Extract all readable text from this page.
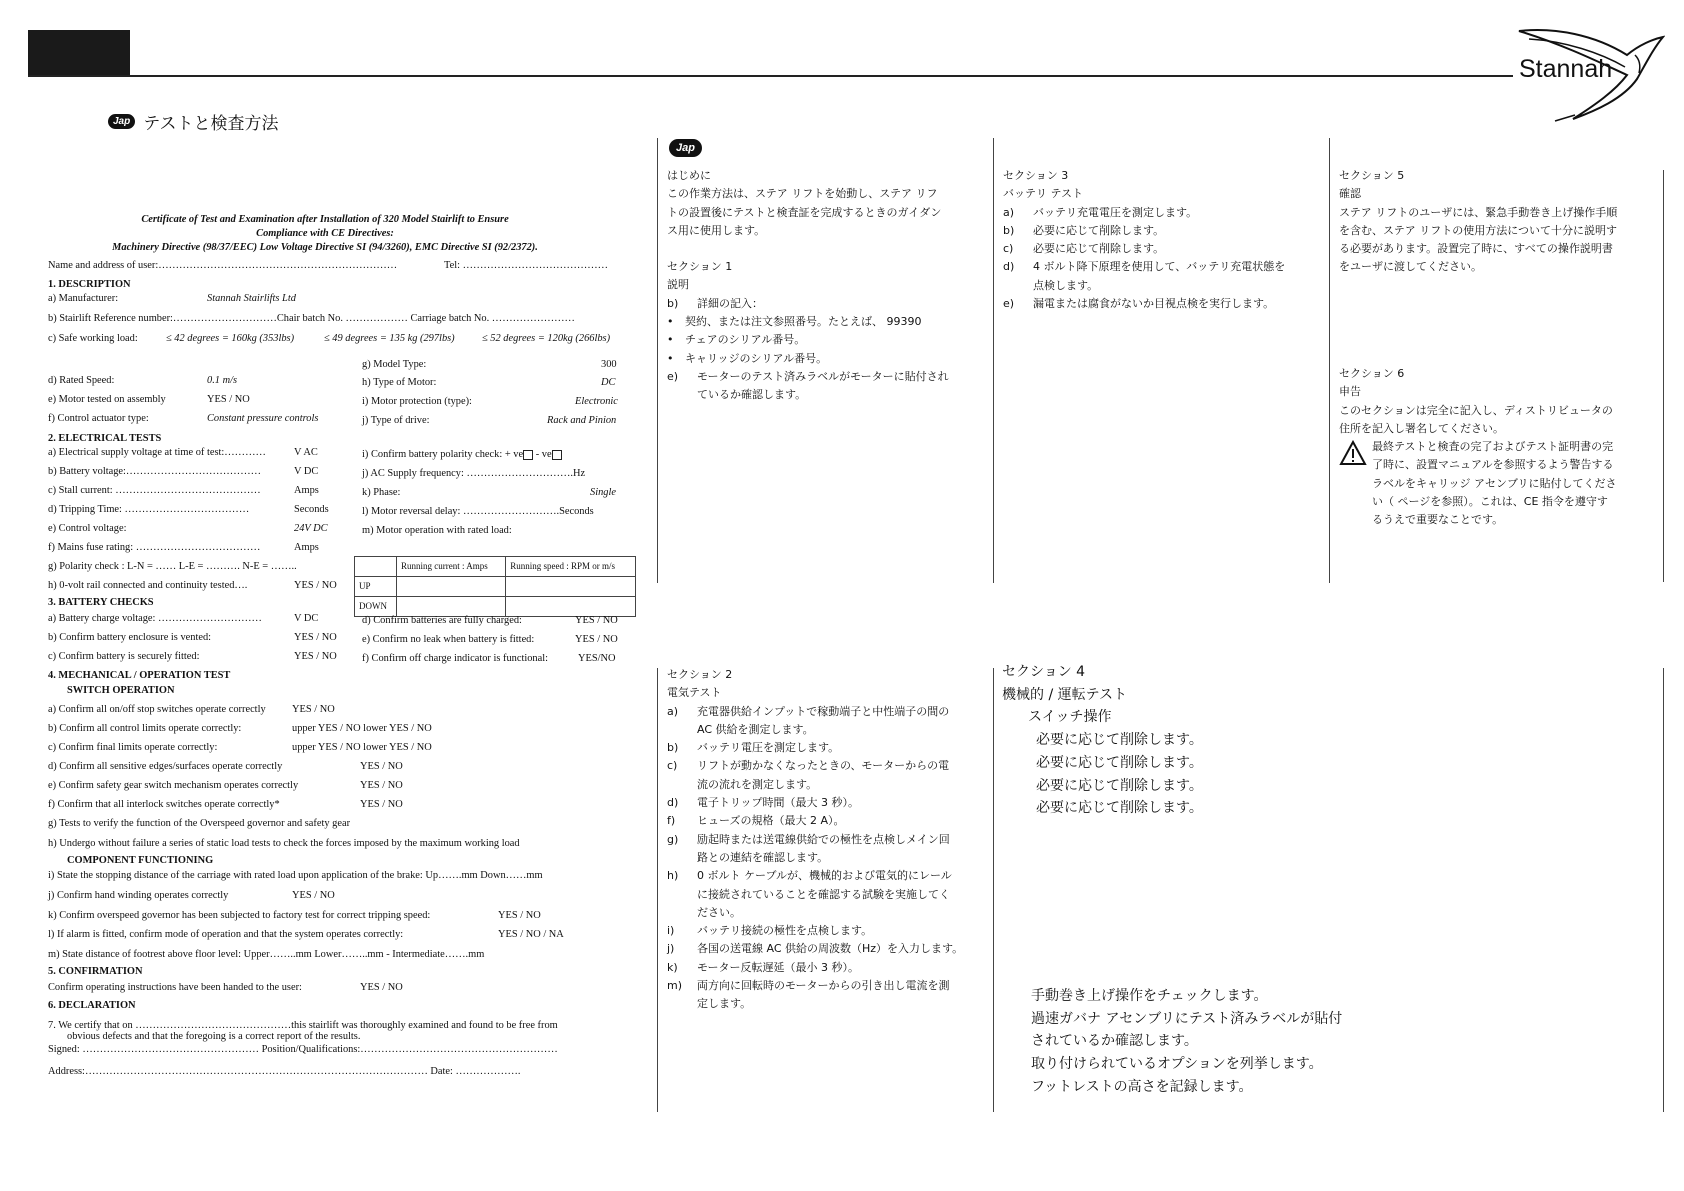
Stannah
Jap テストと検査方法
Certificate of Test and Examination after Installation of 320 Model Stairlift to Ensure
Compliance with CE Directives:
Machinery Directive (98/37/EEC) Low Voltage Directive SI (94/3260), EMC Directive SI (92/2372).
Name and address of user:……………………………………………………………	Tel: ……………………………………
1. DESCRIPTION
a) Manufacturer:	Stannah Stairlifts Ltd
b) Stairlift Reference number:…………………………Chair batch No. ……………… Carriage batch No. ……………………
c) Safe working load:	≤ 42 degrees = 160kg (353lbs)	≤ 49 degrees = 135 kg (297lbs)	≤ 52 degrees = 120kg (266lbs)
g) Model Type:	300
d) Rated Speed:	0.1 m/s	h) Type of Motor:	DC
e) Motor tested on assembly	YES / NO	i) Motor protection (type):	Electronic
f) Control actuator type:	Constant pressure controls	j) Type of drive:	Rack and Pinion
2. ELECTRICAL TESTS
a) Electrical supply voltage at time of test:…………	V AC	i) Confirm battery polarity check: + ve - ve
b) Battery voltage:…………………………………	V DC	j) AC Supply frequency: ………………………….Hz
c) Stall current: ……………………………………	Amps	k) Phase:	Single
d) Tripping Time: ………………………………	Seconds	l) Motor reversal delay: ……………………….Seconds
e) Control voltage:	24V DC	m) Motor operation with rated load:
f) Mains fuse rating: ………………………………	Amps
g) Polarity check : L-N = …… L-E = ………. N-E = ……..
h) 0-volt rail connected and continuity tested….	YES / NO
	Running current : Amps	Running speed : RPM or m/s
UP		
DOWN		
3. BATTERY CHECKS
a) Battery charge voltage: …………………………	V DC	d) Confirm batteries are fully charged:	YES / NO
b) Confirm battery enclosure is vented:	YES / NO e) Confirm no leak when battery is fitted:	YES / NO
c) Confirm battery is securely fitted:	YES / NO f) Confirm off charge indicator is functional:	YES/NO
4. MECHANICAL / OPERATION TEST
SWITCH OPERATION
a) Confirm all on/off stop switches operate correctly	YES / NO
b) Confirm all control limits operate correctly:	upper YES / NO lower YES / NO
c) Confirm final limits operate correctly:	upper YES / NO lower YES / NO
d) Confirm all sensitive edges/surfaces operate correctly	YES / NO
e) Confirm safety gear switch mechanism operates correctly	YES / NO
f) Confirm that all interlock switches operate correctly*	YES / NO
g) Tests to verify the function of the Overspeed governor and safety gear
h) Undergo without failure a series of static load tests to check the forces imposed by the maximum working load
COMPONENT FUNCTIONING
i) State the stopping distance of the carriage with rated load upon application of the brake: Up…….mm Down……mm
j) Confirm hand winding operates correctly	YES / NO
k) Confirm overspeed governor has been subjected to factory test for correct tripping speed:	YES / NO
l) If alarm is fitted, confirm mode of operation and that the system operates correctly:	YES / NO / NA
m) State distance of footrest above floor level: Upper……..mm Lower……..mm - Intermediate…….mm
5. CONFIRMATION
Confirm operating instructions have been handed to the user:	YES / NO
6. DECLARATION
7. We certify that on ………………………………………this stairlift was thoroughly examined and found to be free from
obvious defects and that the foregoing is a correct report of the results.
Signed: …………………………………………… Position/Qualifications:…………………………………………………
Address:……………………………………………………………………………………… Date: ……………….
Jap
はじめに
この作業方法は、ステア リフトを始動し、ステア リフ
トの設置後にテストと検査証を完成するときのガイダン
ス用に使用します。
セクション 1
説明
b)	詳細の記入：
•	契約、または注文参照番号。たとえば、 99390
•	チェアのシリアル番号。
•	キャリッジのシリアル番号。
e)	モーターのテスト済みラベルがモーターに貼付され
ているか確認します。
セクション 2
電気テスト
a)	充電器供給インプットで稼動端子と中性端子の間の
AC 供給を測定します。
b)	バッテリ電圧を測定します。
c)	リフトが動かなくなったときの、モーターからの電
流の流れを測定します。
d)	電子トリップ時間（最大 3 秒）。
f)	ヒューズの規格（最大 2 A）。
g)	励起時または送電線供給での極性を点検しメイン回
路との連結を確認します。
h)	0 ボルト ケーブルが、機械的および電気的にレール
に接続されていることを確認する試験を実施してく
ださい。
i)	バッテリ接続の極性を点検します。
j)	各国の送電線 AC 供給の周波数（Hz）を入力します。
k)	モーター反転遅延（最小 3 秒）。
m)	両方向に回転時のモーターからの引き出し電流を測
定します。
セクション 3
バッテリ テスト
a)	バッテリ充電電圧を測定します。
b)	必要に応じて削除します。
c)	必要に応じて削除します。
d)	4 ボルト降下原理を使用して、バッテリ充電状態を
点検します。
e)	漏電または腐食がないか目視点検を実行します。
セクション 4
機械的 / 運転テスト
スイッチ操作
必要に応じて削除します。
必要に応じて削除します。
必要に応じて削除します。
必要に応じて削除します。
手動巻き上げ操作をチェックします。
過速ガバナ アセンブリにテスト済みラベルが貼付
されているか確認します。
取り付けられているオプションを列挙します。
フットレストの高さを記録します。
セクション 5
確認
ステア リフトのユーザには、緊急手動巻き上げ操作手順
を含む、ステア リフトの使用方法について十分に説明す
る必要があります。設置完了時に、すべての操作説明書
をユーザに渡してください。
セクション 6
申告
このセクションは完全に記入し、ディストリビュータの
住所を記入し署名してください。
最終テストと検査の完了およびテスト証明書の完
了時に、設置マニュアルを参照するよう警告する
ラベルをキャリッジ アセンブリに貼付してくださ
い（ ページを参照）。これは、CE 指令を遵守す
るうえで重要なことです。
